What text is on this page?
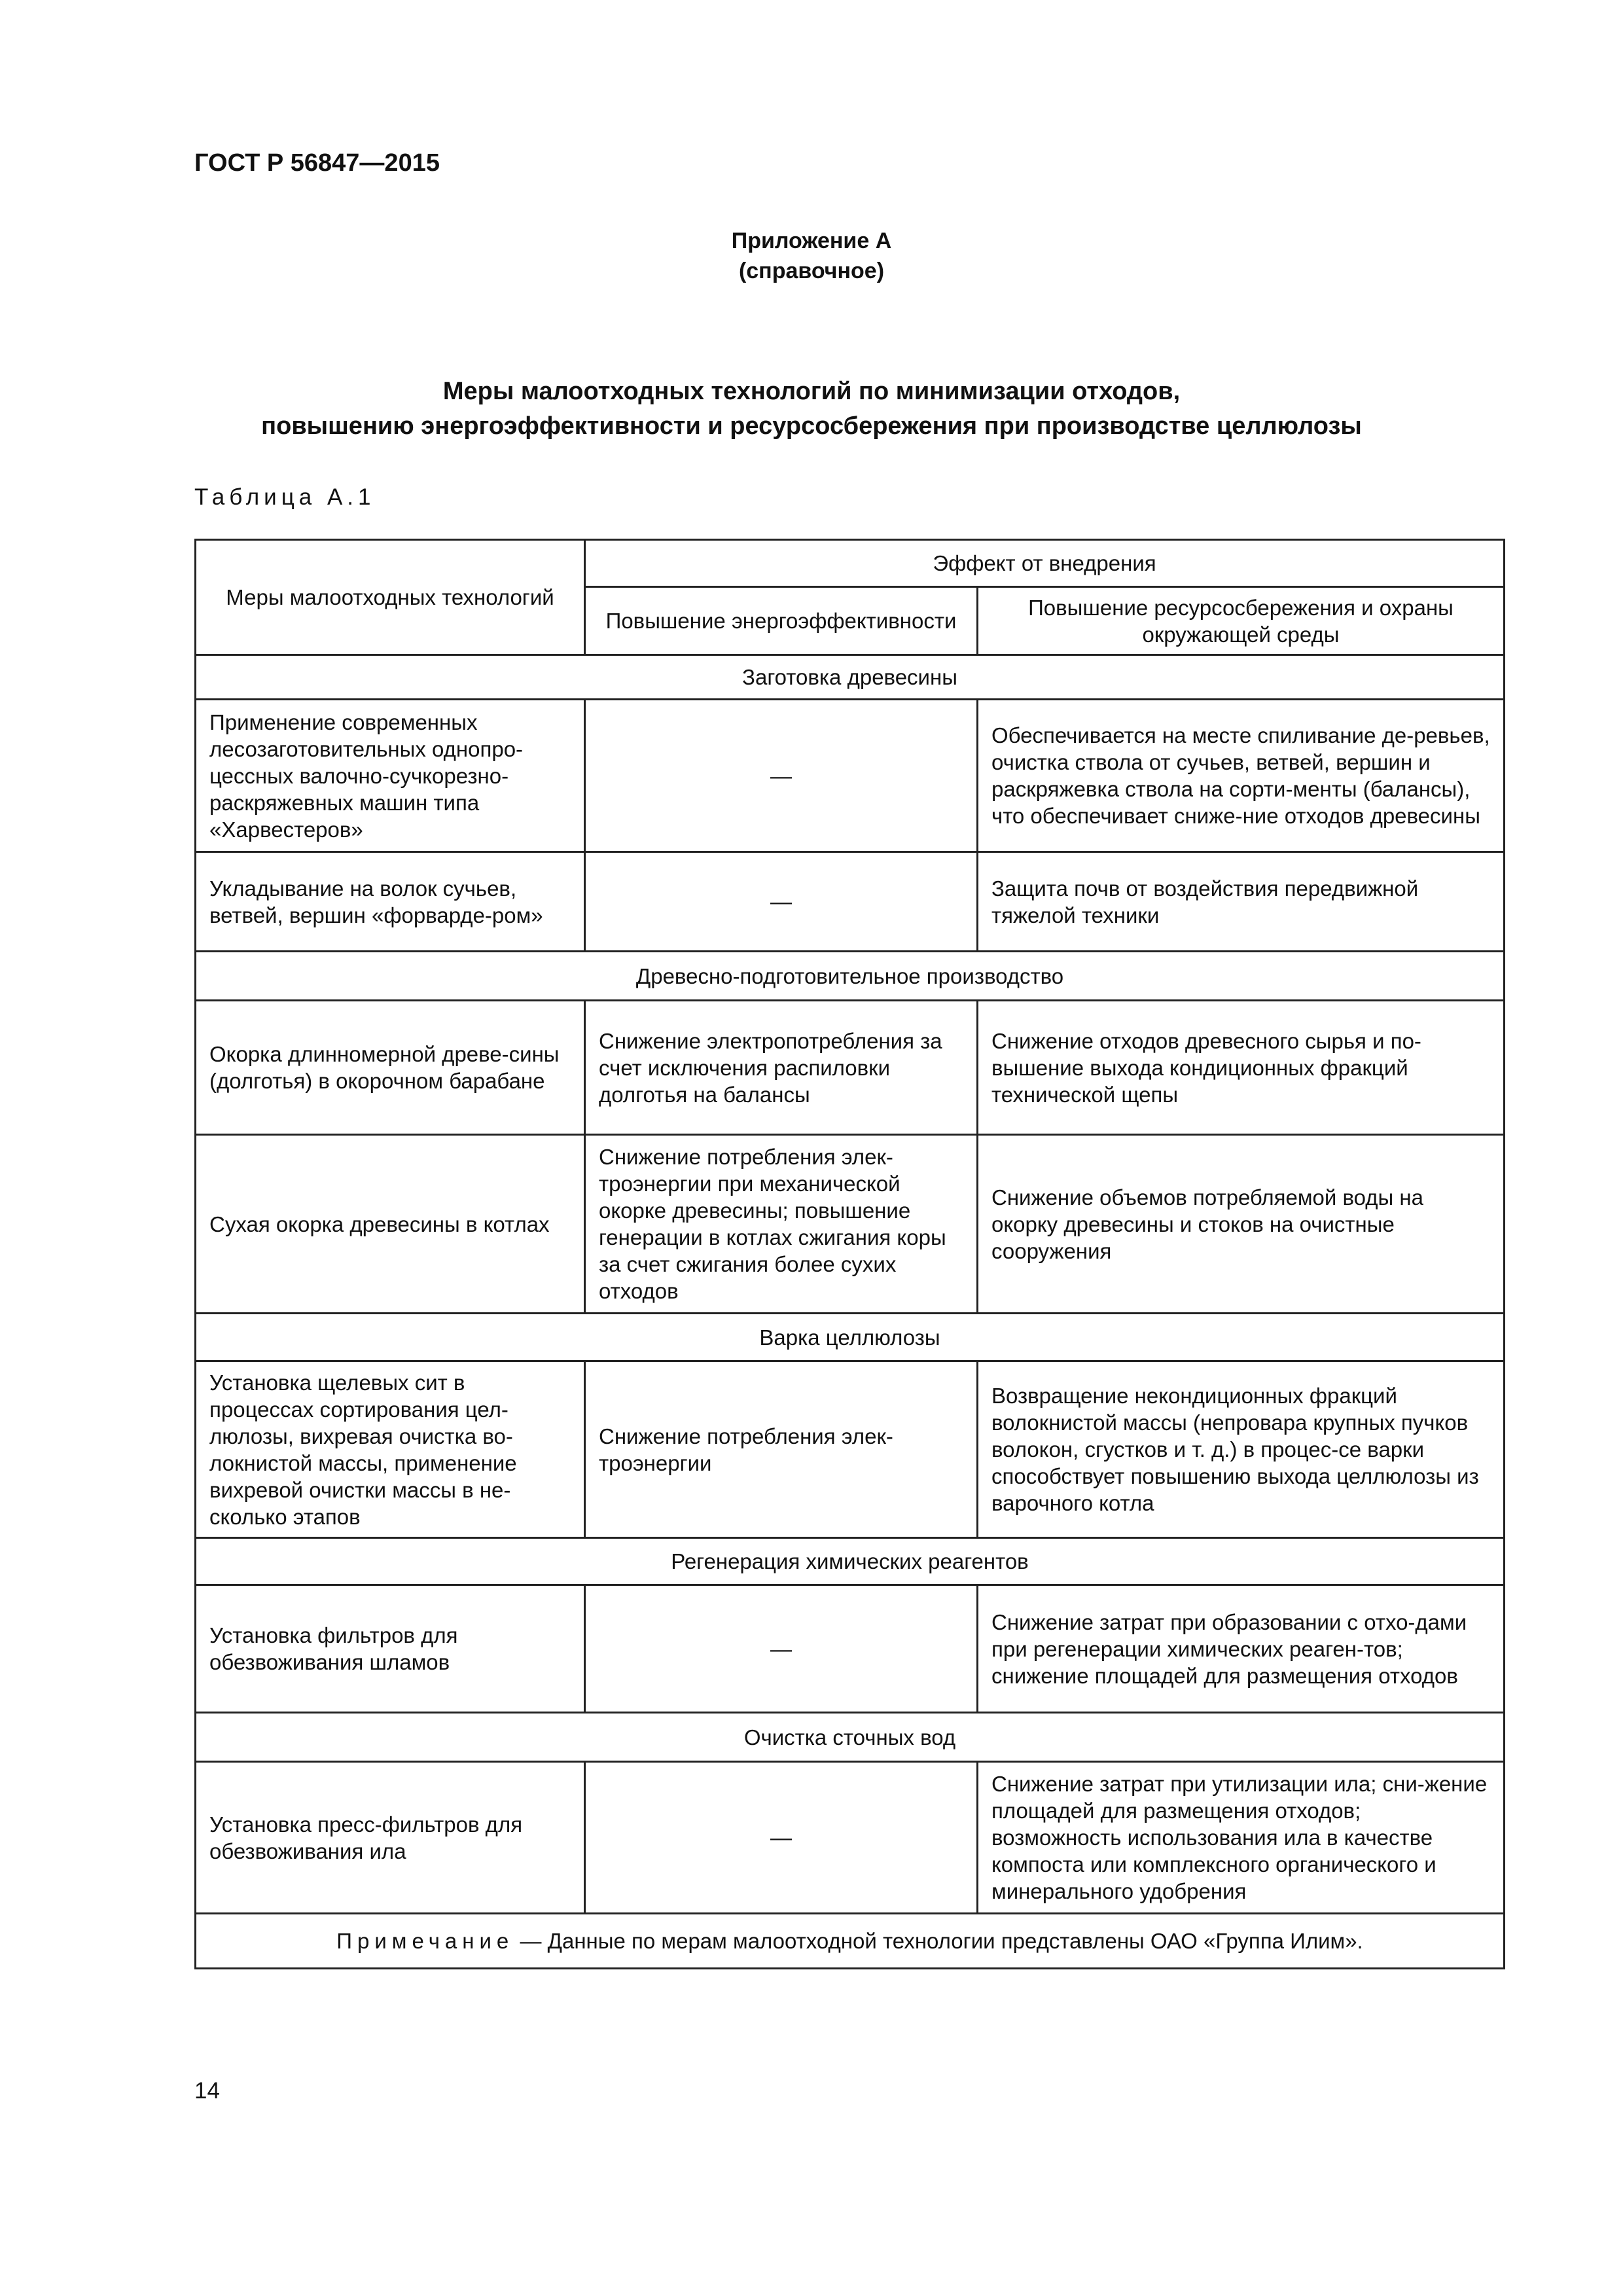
ГОСТ Р 56847—2015
Приложение А
(справочное)
Меры малоотходных технологий по минимизации отходов,
повышению энергоэффективности и ресурсосбережения при производстве целлюлозы
Таблица А.1
Меры малоотходных технологий	Эффект от внедрения	
	Повышение энергоэффективности	Повышение ресурсосбережения и охраны окружающей среды
Заготовка древесины		
Применение современных лесозаготовительных однопро-цессных валочно-сучкорезно-раскряжевных машин типа «Харвестеров»	—	Обеспечивается на месте спиливание де-ревьев, очистка ствола от сучьев, ветвей, вершин и раскряжевка ствола на сорти-менты (балансы), что обеспечивает сниже-ние отходов древесины
Укладывание на волок сучьев, ветвей, вершин «форварде-ром»	—	Защита почв от воздействия передвижной тяжелой техники
Древесно-подготовительное производство		
Окорка длинномерной древе-сины (долготья) в окорочном барабане	Снижение электропотребления за счет исключения распиловки долготья на балансы	Снижение отходов древесного сырья и по-вышение выхода кондиционных фракций технической щепы
Сухая окорка древесины в котлах	Снижение потребления элек-троэнергии при механической окорке древесины; повышение генерации в котлах сжигания коры за счет сжигания более сухих отходов	Снижение объемов потребляемой воды на окорку древесины и стоков на очистные сооружения
Варка целлюлозы		
Установка щелевых сит в процессах сортирования цел-люлозы, вихревая очистка во-локнистой массы, применение вихревой очистки массы в не-сколько этапов	Снижение потребления элек-троэнергии	Возвращение некондиционных фракций волокнистой массы (непровара крупных пучков волокон, сгустков и т. д.) в процес-се варки способствует повышению выхода целлюлозы из варочного котла
Регенерация химических реагентов		
Установка фильтров для обезвоживания шламов	—	Снижение затрат при образовании с отхо-дами при регенерации химических реаген-тов; снижение площадей для размещения отходов
Очистка сточных вод		
Установка пресс-фильтров для обезвоживания ила	—	Снижение затрат при утилизации ила; сни-жение площадей для размещения отходов; возможность использования ила в качестве компоста или комплексного органического и минерального удобрения
Примечание — Данные по мерам малоотходной технологии представлены ОАО «Группа Илим».		
14
